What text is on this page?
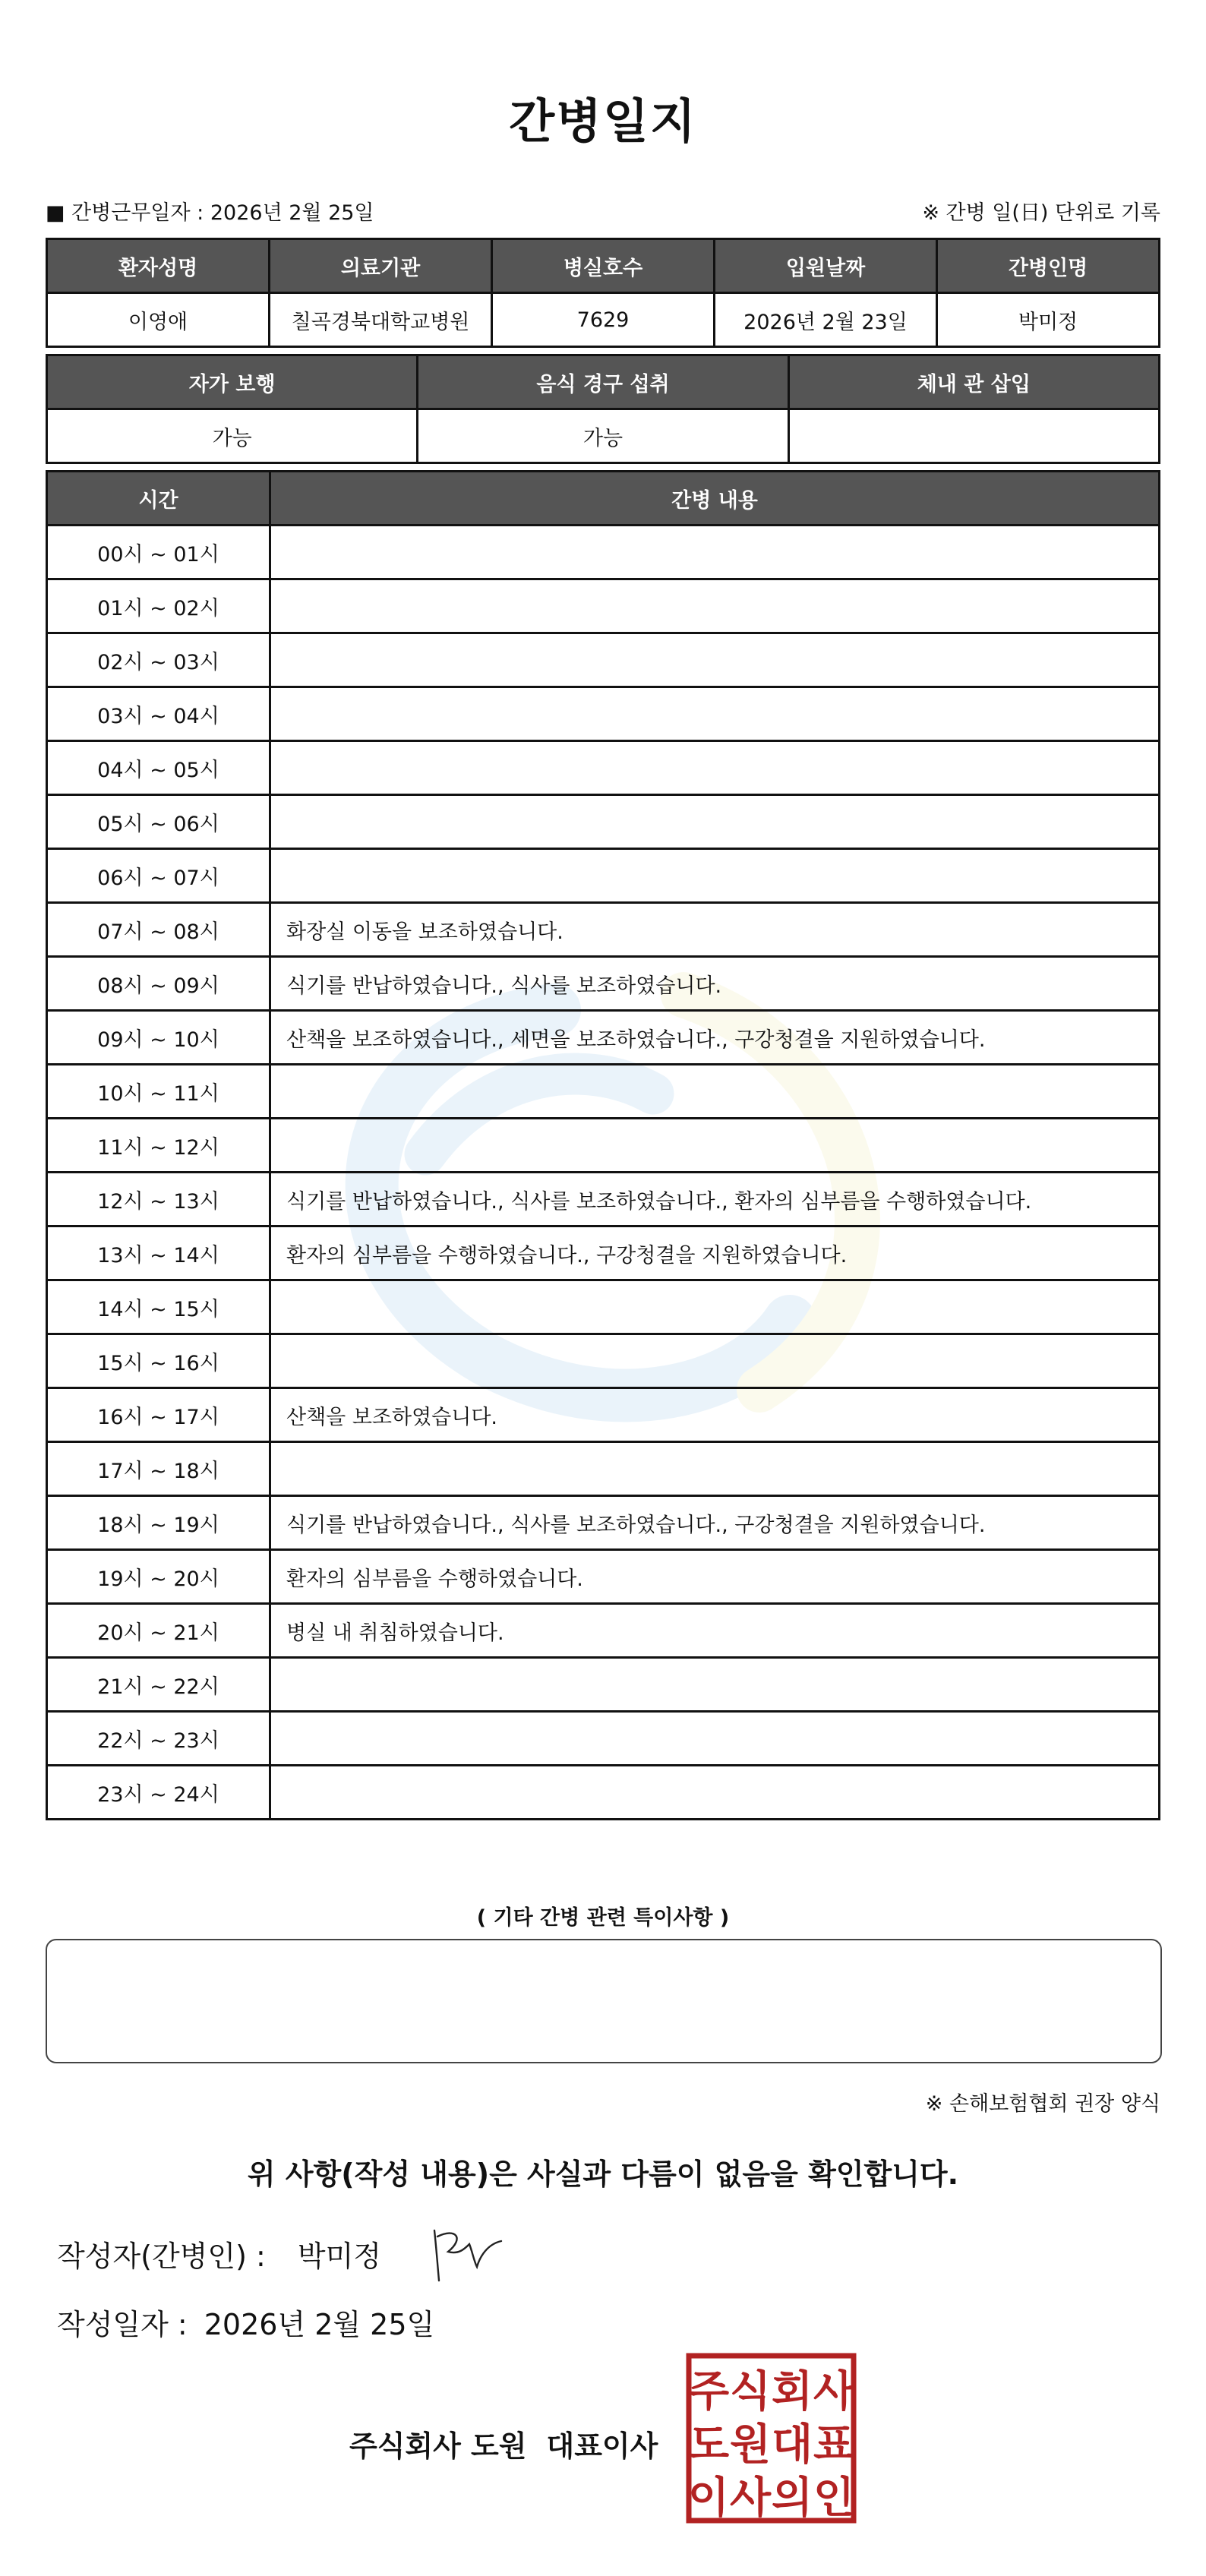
간병일지
■ 간병근무일자 : 2026년 2월 25일	※ 간병 일(日) 단위로 기록
환자성명	의료기관	병실호수	입원날짜	간병인명
이영애	칠곡경북대학교병원	7629	2026년 2월 23일	박미정
자가 보행	음식 경구 섭취	체내 관 삽입
가능	가능	
시간	간병 내용
00시 ~ 01시	
01시 ~ 02시	
02시 ~ 03시	
03시 ~ 04시	
04시 ~ 05시	
05시 ~ 06시	
06시 ~ 07시	
07시 ~ 08시	화장실 이동을 보조하였습니다.
08시 ~ 09시	식기를 반납하였습니다., 식사를 보조하였습니다.
09시 ~ 10시	산책을 보조하였습니다., 세면을 보조하였습니다., 구강청결을 지원하였습니다.
10시 ~ 11시	
11시 ~ 12시	
12시 ~ 13시	식기를 반납하였습니다., 식사를 보조하였습니다., 환자의 심부름을 수행하였습니다.
13시 ~ 14시	환자의 심부름을 수행하였습니다., 구강청결을 지원하였습니다.
14시 ~ 15시	
15시 ~ 16시	
16시 ~ 17시	산책을 보조하였습니다.
17시 ~ 18시	
18시 ~ 19시	식기를 반납하였습니다., 식사를 보조하였습니다., 구강청결을 지원하였습니다.
19시 ~ 20시	환자의 심부름을 수행하였습니다.
20시 ~ 21시	병실 내 취침하였습니다.
21시 ~ 22시	
22시 ~ 23시	
23시 ~ 24시	
( 기타 간병 관련 특이사항 )
※ 손해보험협회 권장 양식
위 사항(작성 내용)은 사실과 다름이 없음을 확인합니다.
작성자(간병인) : 박미정
작성일자 : 2026년 2월 25일
주식회사 도원 대표이사
주 식 회 사
도 원 대 표
이 사 의 인
